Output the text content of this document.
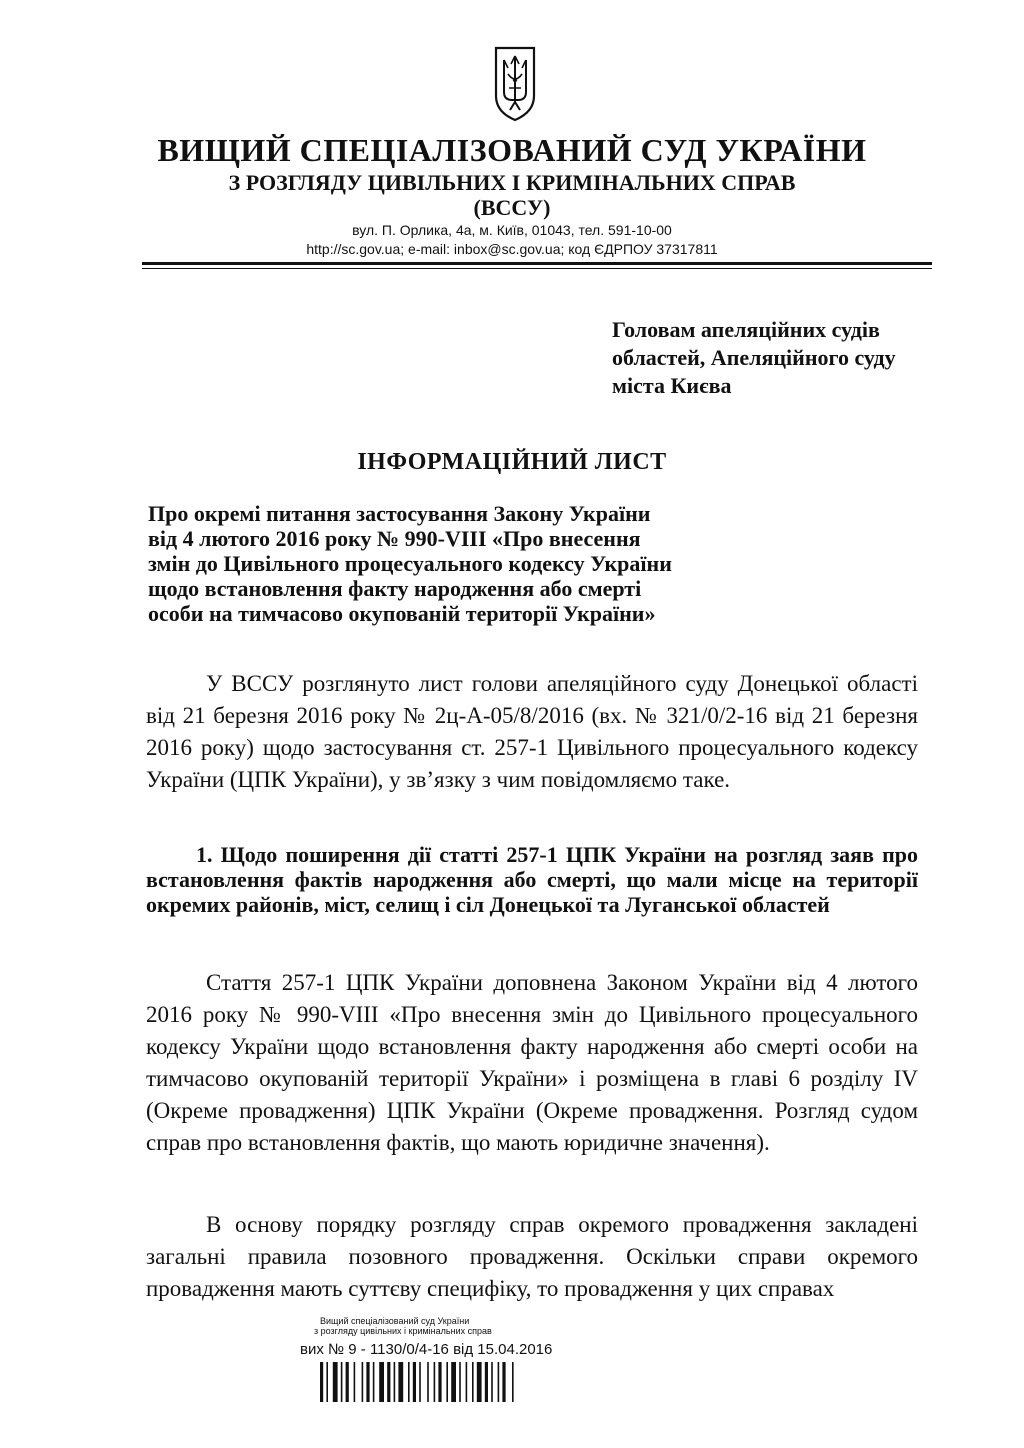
ВИЩИЙ СПЕЦІАЛІЗОВАНИЙ СУД УКРАЇНИ
З РОЗГЛЯДУ ЦИВІЛЬНИХ І КРИМІНАЛЬНИХ СПРАВ
(ВССУ)
вул. П. Орлика, 4а, м. Київ, 01043, тел. 591-10-00
http://sc.gov.ua; e-mail: inbox@sc.gov.ua; код ЄДРПОУ 37317811
Головам апеляційних судів
областей, Апеляційного суду
міста Києва
ІНФОРМАЦІЙНИЙ ЛИСТ
Про окремі питання застосування Закону України
від 4 лютого 2016 року № 990-VIII «Про внесення
змін до Цивільного процесуального кодексу України
щодо встановлення факту народження або смерті
особи на тимчасово окупованій території України»
У ВССУ розглянуто лист голови апеляційного суду Донецької області від 21 березня 2016 року № 2ц-А-05/8/2016 (вх. № 321/0/2-16 від 21 березня 2016 року) щодо застосування ст. 257-1 Цивільного процесуального кодексу України (ЦПК України), у зв’язку з чим повідомляємо таке.
1. Щодо поширення дії статті 257-1 ЦПК України на розгляд заяв про встановлення фактів народження або смерті, що мали місце на території окремих районів, міст, селищ і сіл Донецької та Луганської областей
Стаття 257-1 ЦПК України доповнена Законом України від 4 лютого 2016 року № 990-VIII «Про внесення змін до Цивільного процесуального кодексу України щодо встановлення факту народження або смерті особи на тимчасово окупованій території України» і розміщена в главі 6 розділу IV (Окреме провадження) ЦПК України (Окреме провадження. Розгляд судом справ про встановлення фактів, що мають юридичне значення).
В основу порядку розгляду справ окремого провадження закладені загальні правила позовного провадження. Оскільки справи окремого провадження мають суттєву специфіку, то провадження у цих справах
Вищий спеціалізований суд України
з розгляду цивільних і кримінальних справ
вих № 9 - 1130/0/4-16 від 15.04.2016
